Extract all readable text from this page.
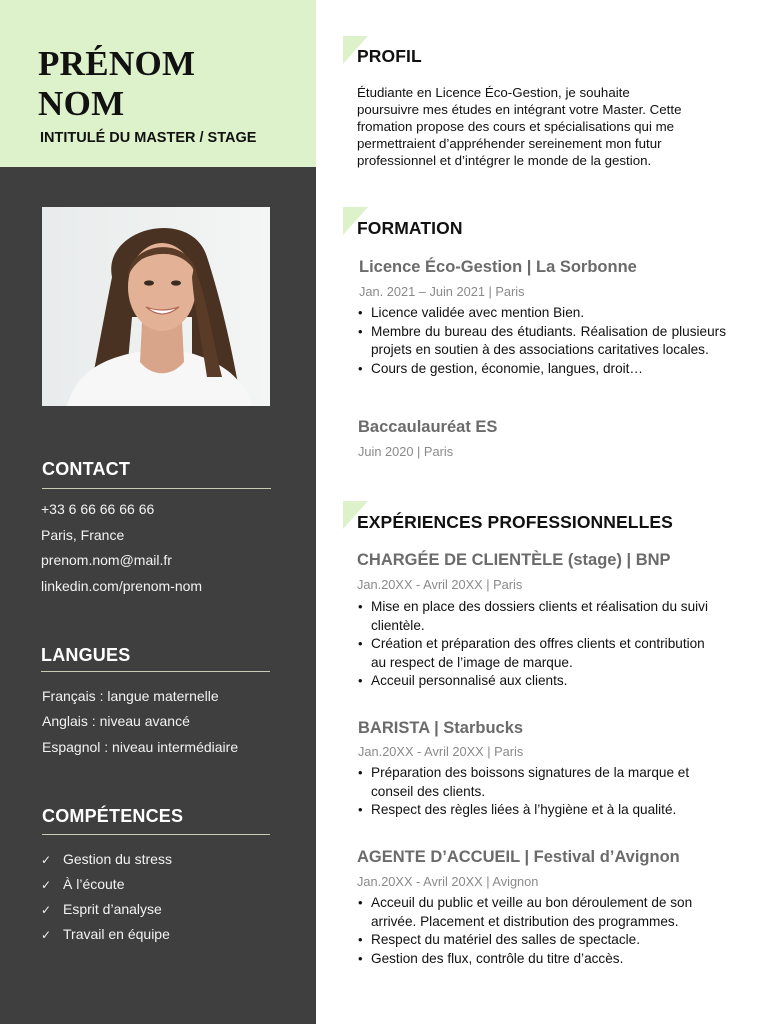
PRÉNOM
NOM
INTITULÉ DU MASTER / STAGE
CONTACT
+33 6 66 66 66 66
Paris, France
prenom.nom@mail.fr
linkedin.com/prenom-nom
LANGUES
Français : langue maternelle
Anglais : niveau avancé
Espagnol : niveau intermédiaire
COMPÉTENCES
✓ Gestion du stress
✓ À l’écoute
✓ Esprit d’analyse
✓ Travail en équipe
PROFIL
Étudiante en Licence Éco-Gestion, je souhaite
poursuivre mes études en intégrant votre Master. Cette
fromation propose des cours et spécialisations qui me
permettraient d’appréhender sereinement mon futur
professionnel et d’intégrer le monde de la gestion.
FORMATION
Licence Éco-Gestion | La Sorbonne
Jan. 2021 – Juin 2021 | Paris
• Licence validée avec mention Bien.
• Membre du bureau des étudiants. Réalisation de plusieurs projets en soutien à des associations caritatives locales.
• Cours de gestion, économie, langues, droit…
Baccaulauréat ES
Juin 2020 | Paris
EXPÉRIENCES PROFESSIONNELLES
CHARGÉE DE CLIENTÈLE (stage) | BNP
Jan.20XX - Avril 20XX | Paris
• Mise en place des dossiers clients et réalisation du suivi clientèle.
• Création et préparation des offres clients et contribution au respect de l’image de marque.
• Acceuil personnalisé aux clients.
BARISTA | Starbucks
Jan.20XX - Avril 20XX | Paris
• Préparation des boissons signatures de la marque et conseil des clients.
• Respect des règles liées à l’hygiène et à la qualité.
AGENTE D’ACCUEIL | Festival d’Avignon
Jan.20XX - Avril 20XX | Avignon
• Acceuil du public et veille au bon déroulement de son arrivée. Placement et distribution des programmes.
• Respect du matériel des salles de spectacle.
• Gestion des flux, contrôle du titre d’accès.
